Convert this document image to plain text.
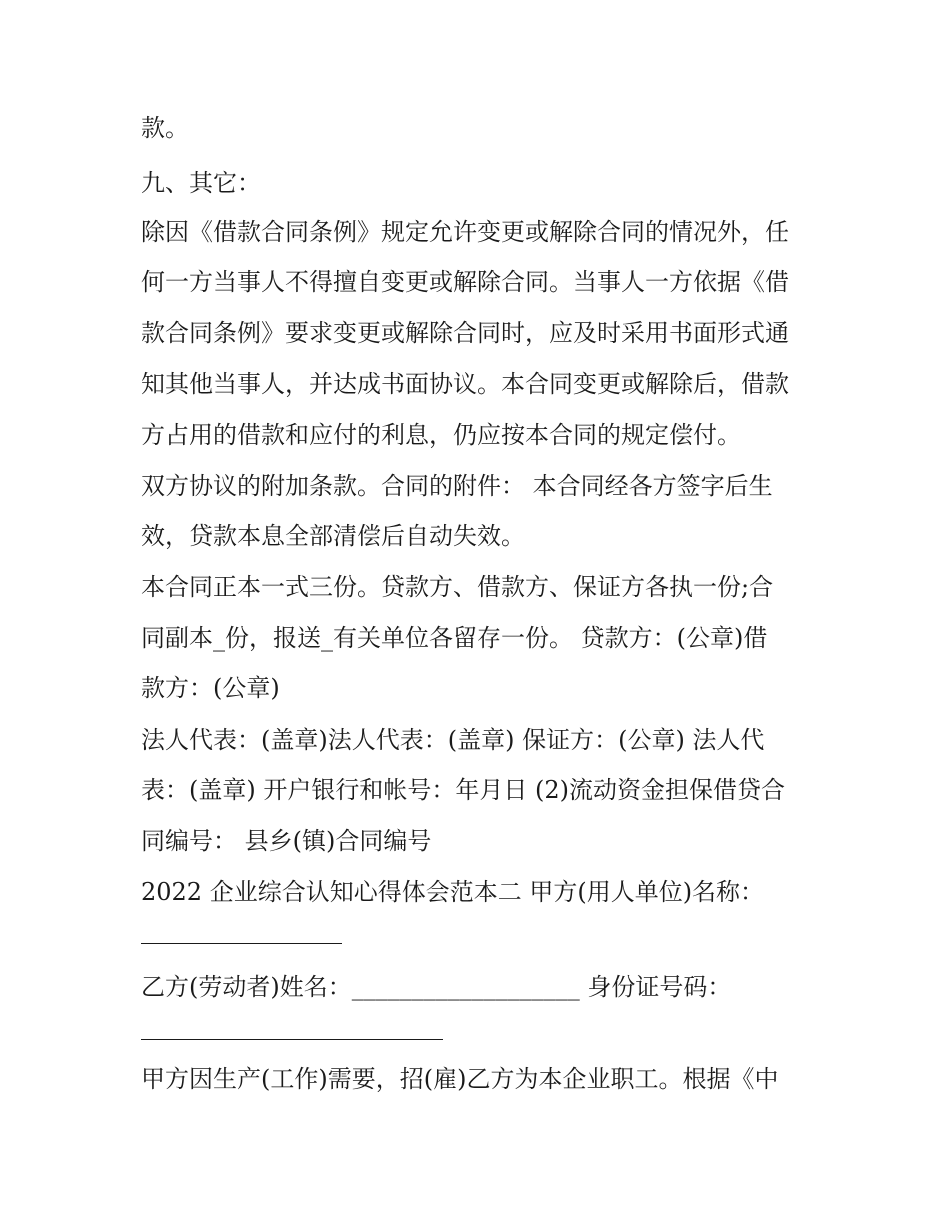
款。
九、其它：
除因《借款合同条例》规定允许变更或解除合同的情况外，任
何一方当事人不得擅自变更或解除合同。当事人一方依据《借
款合同条例》要求变更或解除合同时，应及时采用书面形式通
知其他当事人，并达成书面协议。本合同变更或解除后，借款
方占用的借款和应付的利息，仍应按本合同的规定偿付。
双方协议的附加条款。合同的附件： 本合同经各方签字后生
效，贷款本息全部清偿后自动失效。
本合同正本一式三份。贷款方、借款方、保证方各执一份;合
同副本_份，报送_有关单位各留存一份。 贷款方：(公章)借
款方：(公章)
法人代表：(盖章)法人代表：(盖章) 保证方：(公章) 法人代
表：(盖章) 开户银行和帐号：年月日 (2)流动资金担保借贷合
同编号： 县乡(镇)合同编号
2022 企业综合认知心得体会范本二 甲方(用人单位)名称：
乙方(劳动者)姓名：___________________ 身份证号码：
甲方因生产(工作)需要，招(雇)乙方为本企业职工。根据《中
